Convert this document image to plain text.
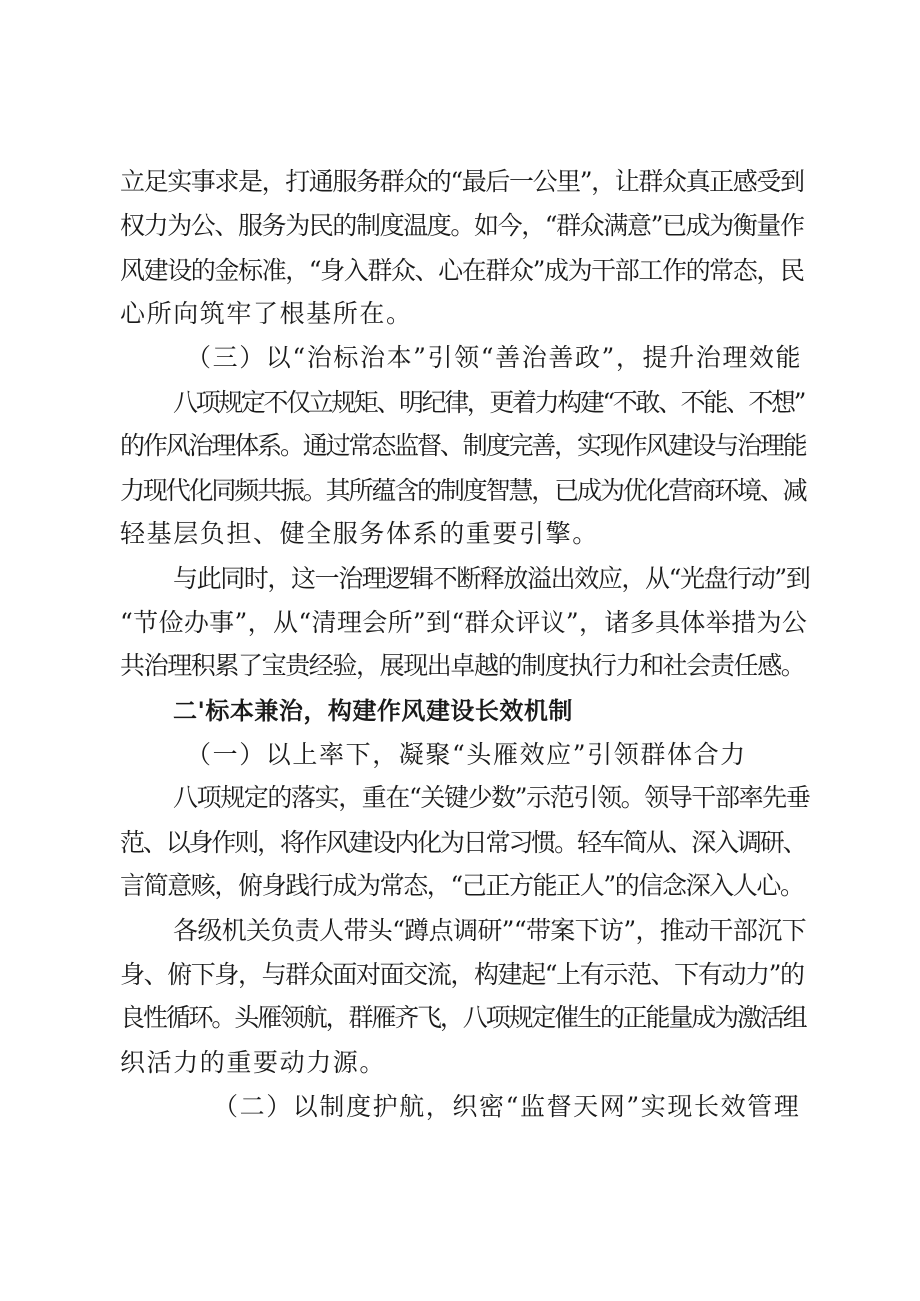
立足实事求是，打通服务群众的“最后一公里”，让群众真正感受到
权力为公、服务为民的制度温度。如今，“群众满意”已成为衡量作
风建设的金标准，“身入群众、心在群众”成为干部工作的常态，民
心所向筑牢了根基所在。
（三）以“治标治本”引领“善治善政”，提升治理效能
八项规定不仅立规矩、明纪律，更着力构建“不敢、不能、不想”
的作风治理体系。通过常态监督、制度完善，实现作风建设与治理能
力现代化同频共振。其所蕴含的制度智慧，已成为优化营商环境、减
轻基层负担、健全服务体系的重要引擎。
与此同时，这一治理逻辑不断释放溢出效应，从“光盘行动”到
“节俭办事”，从“清理会所”到“群众评议”，诸多具体举措为公
共治理积累了宝贵经验，展现出卓越的制度执行力和社会责任感。
二'标本兼治，构建作风建设长效机制
（一）以上率下，凝聚“头雁效应”引领群体合力
八项规定的落实，重在“关键少数”示范引领。领导干部率先垂
范、以身作则，将作风建设内化为日常习惯。轻车简从、深入调研、
言简意赅，俯身践行成为常态，“己正方能正人”的信念深入人心。
各级机关负责人带头“蹲点调研”“带案下访”，推动干部沉下
身、俯下身，与群众面对面交流，构建起“上有示范、下有动力”的
良性循环。头雁领航，群雁齐飞，八项规定催生的正能量成为激活组
织活力的重要动力源。
（二）以制度护航，织密“监督天网”实现长效管理
